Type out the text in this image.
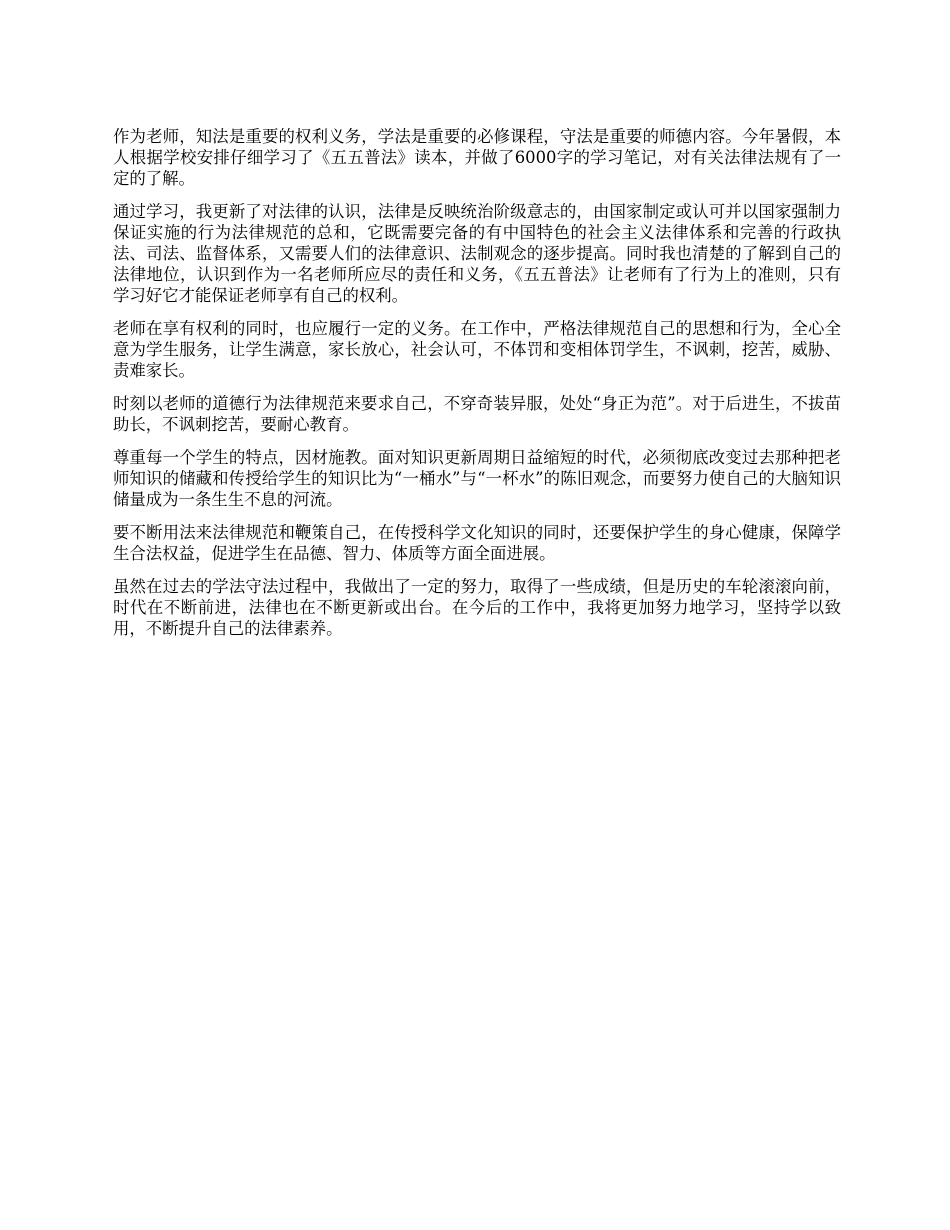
作为老师，知法是重要的权利义务，学法是重要的必修课程，守法是重要的师德内容。今年暑假，本人根据学校安排仔细学习了《五五普法》读本，并做了6000字的学习笔记，对有关法律法规有了一定的了解。

通过学习，我更新了对法律的认识，法律是反映统治阶级意志的，由国家制定或认可并以国家强制力保证实施的行为法律规范的总和，它既需要完备的有中国特色的社会主义法律体系和完善的行政执法、司法、监督体系，又需要人们的法律意识、法制观念的逐步提高。同时我也清楚的了解到自己的法律地位，认识到作为一名老师所应尽的责任和义务，《五五普法》让老师有了行为上的准则，只有学习好它才能保证老师享有自己的权利。

老师在享有权利的同时，也应履行一定的义务。在工作中，严格法律规范自己的思想和行为，全心全意为学生服务，让学生满意，家长放心，社会认可，不体罚和变相体罚学生，不讽刺，挖苦，威胁、责难家长。

时刻以老师的道德行为法律规范来要求自己，不穿奇装异服，处处“身正为范”。对于后进生，不拔苗助长，不讽刺挖苦，要耐心教育。

尊重每一个学生的特点，因材施教。面对知识更新周期日益缩短的时代，必须彻底改变过去那种把老师知识的储藏和传授给学生的知识比为“一桶水”与“一杯水”的陈旧观念，而要努力使自己的大脑知识储量成为一条生生不息的河流。

要不断用法来法律规范和鞭策自己，在传授科学文化知识的同时，还要保护学生的身心健康，保障学生合法权益，促进学生在品德、智力、体质等方面全面进展。

虽然在过去的学法守法过程中，我做出了一定的努力，取得了一些成绩，但是历史的车轮滚滚向前，时代在不断前进，法律也在不断更新或出台。在今后的工作中，我将更加努力地学习，坚持学以致用，不断提升自己的法律素养。
